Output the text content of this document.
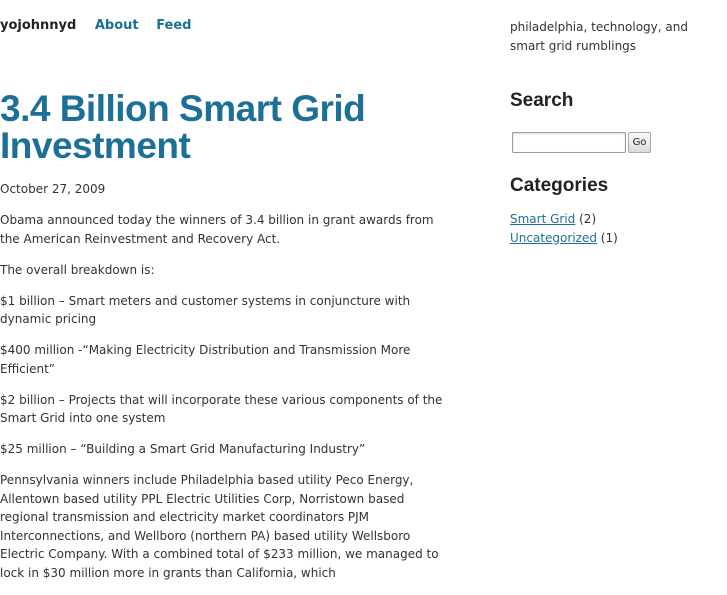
yojohnnyd About Feed	philadelphia, technology, and smart grid rumblings
3.4 Billion Smart Grid Investment
October 27, 2009

Obama announced today the winners of 3.4 billion in grant awards from the American Reinvestment and Recovery Act.

The overall breakdown is:

$1 billion – Smart meters and customer systems in conjuncture with dynamic pricing

$400 million -“Making Electricity Distribution and Transmission More Efficient”

$2 billion – Projects that will incorporate these various components of the Smart Grid into one system

$25 million – “Building a Smart Grid Manufacturing Industry”

Pennsylvania winners include Philadelphia based utility Peco Energy, Allentown based utility PPL Electric Utilities Corp, Norristown based regional transmission and electricity market coordinators PJM Interconnections, and Wellboro (northern PA) based utility Wellsboro Electric Company. With a combined total of $233 million, we managed to lock in $30 million more in grants than California, which

Search
Go
Categories
Smart Grid (2)
Uncategorized (1)
